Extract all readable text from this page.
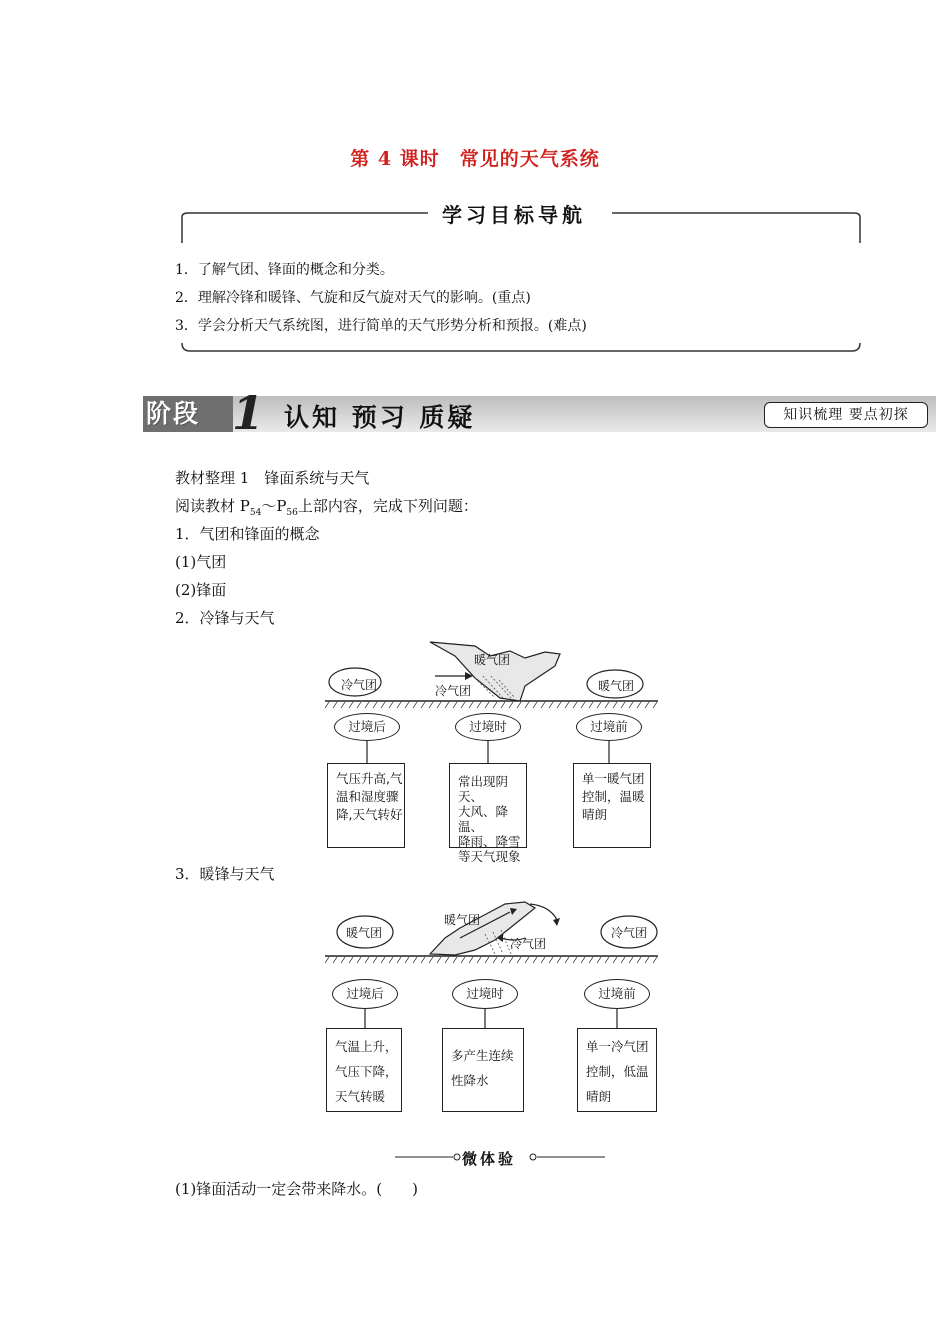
第 4 课时　常见的天气系统
学习目标导航
1．了解气团、锋面的概念和分类。
2．理解冷锋和暖锋、气旋和反气旋对天气的影响。(重点)
3．学会分析天气系统图，进行简单的天气形势分析和预报。(难点)
阶段 1 认知 预习 质疑	知识梳理 要点初探
教材整理 1　锋面系统与天气
阅读教材 $P_{54}\sim P_{56}$上部内容，完成下列问题：
1．气团和锋面的概念
(1)气团
(2)锋面
2．冷锋与天气
冷气团
暖气团
冷气团	暖气团
过境后	过境时	过境前
气压升高,气
温和湿度骤
降,天气转好
常出现阴天、
大风、降温、
降雨、降雪
等天气现象
单一暖气团
控制，温暖
晴朗
3．暖锋与天气
暖气团
暖气团
冷气团
冷气团
过境后	过境时	过境前
气温上升，
气压下降，
天气转暖
多产生连续
性降水
单一冷气团
控制，低温
晴朗
微体验
(1)锋面活动一定会带来降水。(　　)
